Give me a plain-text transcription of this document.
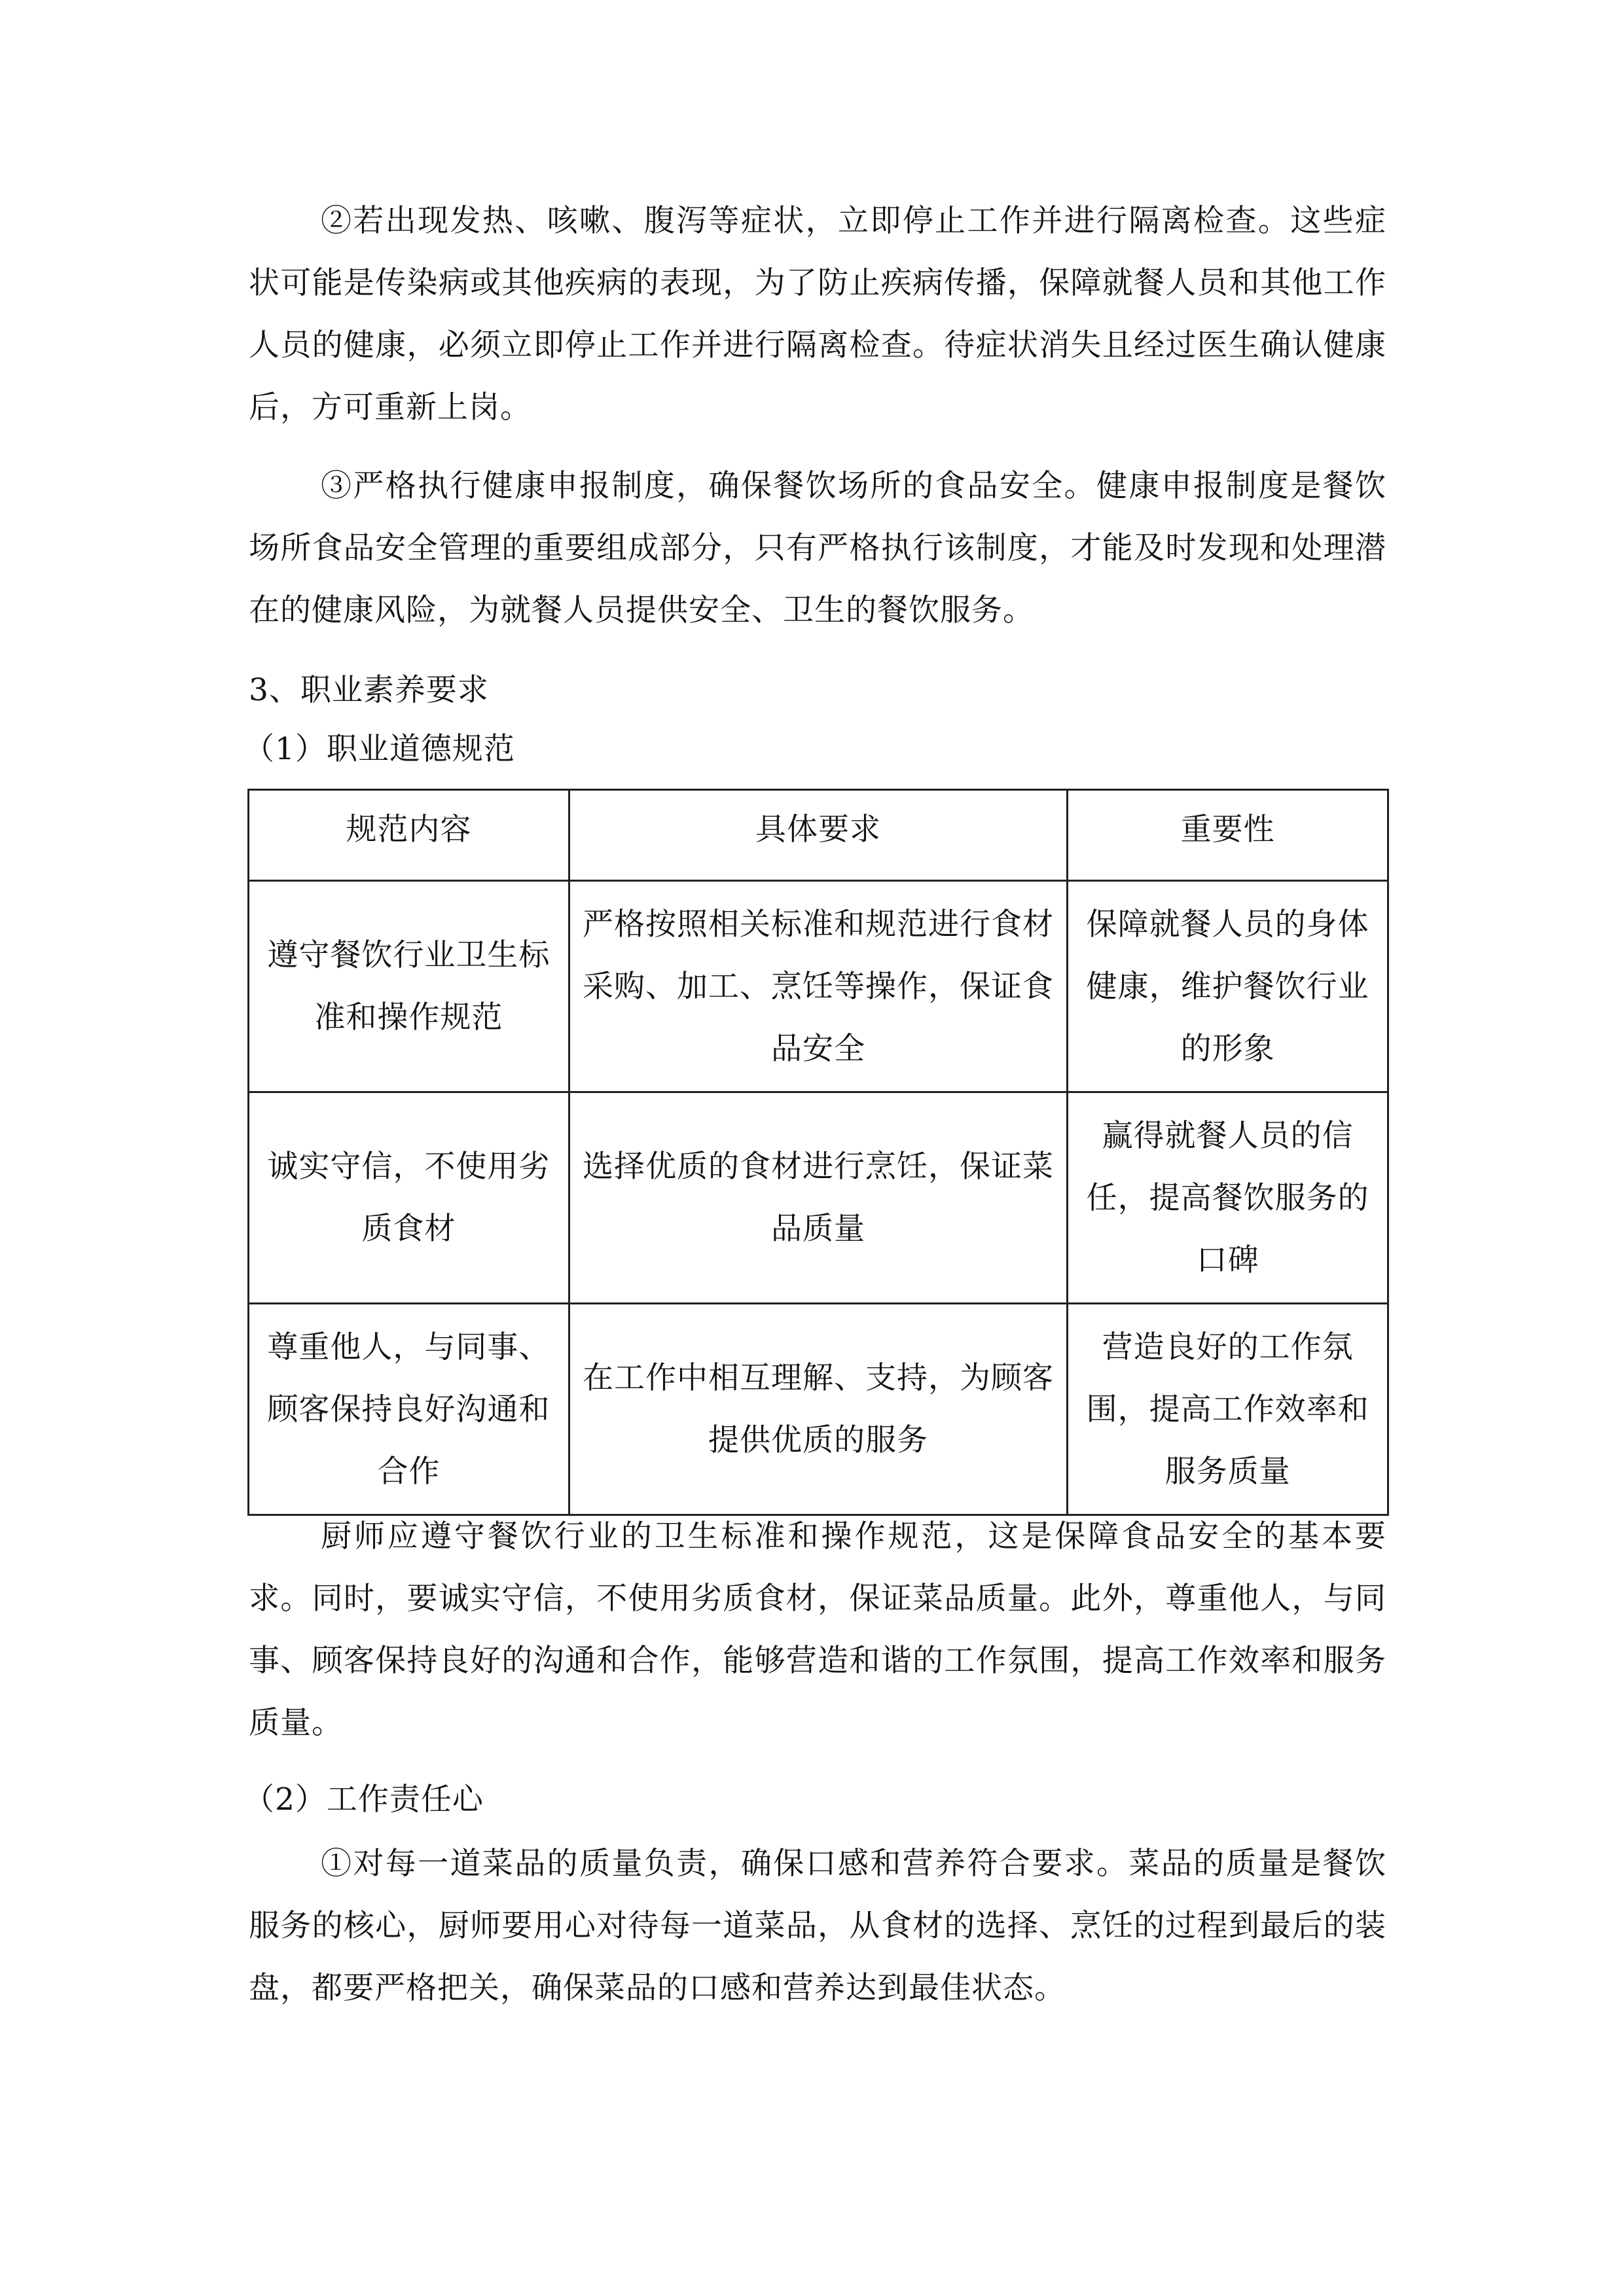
②若出现发热、咳嗽、腹泻等症状，立即停止工作并进行隔离检查。这些症状可能是传染病或其他疾病的表现，为了防止疾病传播，保障就餐人员和其他工作人员的健康，必须立即停止工作并进行隔离检查。待症状消失且经过医生确认健康后，方可重新上岗。

③严格执行健康申报制度，确保餐饮场所的食品安全。健康申报制度是餐饮场所食品安全管理的重要组成部分，只有严格执行该制度，才能及时发现和处理潜在的健康风险，为就餐人员提供安全、卫生的餐饮服务。

3、职业素养要求

（1）职业道德规范

规范内容	具体要求	重要性
遵守餐饮行业卫生标准和操作规范	严格按照相关标准和规范进行食材采购、加工、烹饪等操作，保证食品安全	保障就餐人员的身体健康，维护餐饮行业的形象
诚实守信，不使用劣质食材	选择优质的食材进行烹饪，保证菜品质量	赢得就餐人员的信任，提高餐饮服务的口碑
尊重他人，与同事、顾客保持良好沟通和合作	在工作中相互理解、支持，为顾客提供优质的服务	营造良好的工作氛围，提高工作效率和服务质量

厨师应遵守餐饮行业的卫生标准和操作规范，这是保障食品安全的基本要求。同时，要诚实守信，不使用劣质食材，保证菜品质量。此外，尊重他人，与同事、顾客保持良好的沟通和合作，能够营造和谐的工作氛围，提高工作效率和服务质量。

（2）工作责任心

①对每一道菜品的质量负责，确保口感和营养符合要求。菜品的质量是餐饮服务的核心，厨师要用心对待每一道菜品，从食材的选择、烹饪的过程到最后的装盘，都要严格把关，确保菜品的口感和营养达到最佳状态。
